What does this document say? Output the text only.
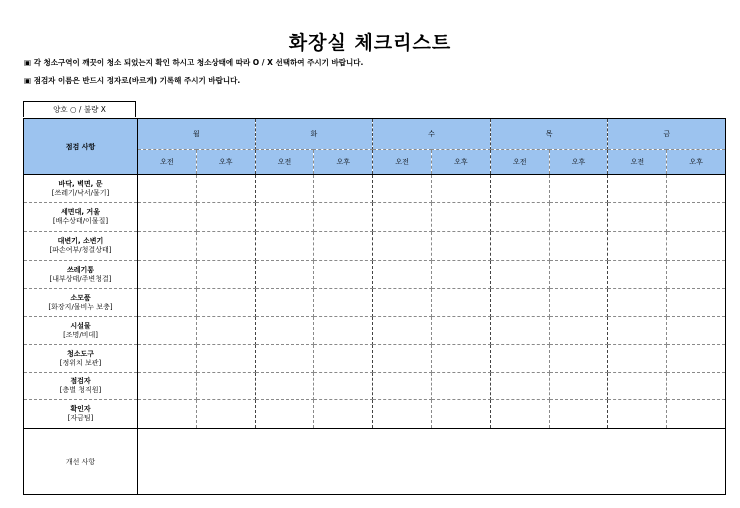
화장실 체크리스트
▣ 각 청소구역이 깨끗이 청소 되었는지 확인 하시고 청소상태에 따라 O / X 선택하여 주시기 바랍니다.
▣ 점검자 이름은 반드시 정자로(바르게) 기록해 주시기 바랍니다.
양호 ○ / 불량 X
점검 사항	월		화		수		목		금	
	오전	오후	오전	오후	오전	오후	오전	오후	오전	오후

바닥, 벽면, 문
[쓰레기/낙서/물기]										

세면대, 거울
[배수상태/이물질]										

대변기, 소변기
[파손여부/청결상태]										

쓰레기통
[내부상태/주변청결]										

소모품
[화장지/물비누 보충]										

시설물
[조명/비데]										

청소도구
[정위치 보관]										

점검자
[층별 청직원]										

확인자
[자금팀]										

개선 사항										
